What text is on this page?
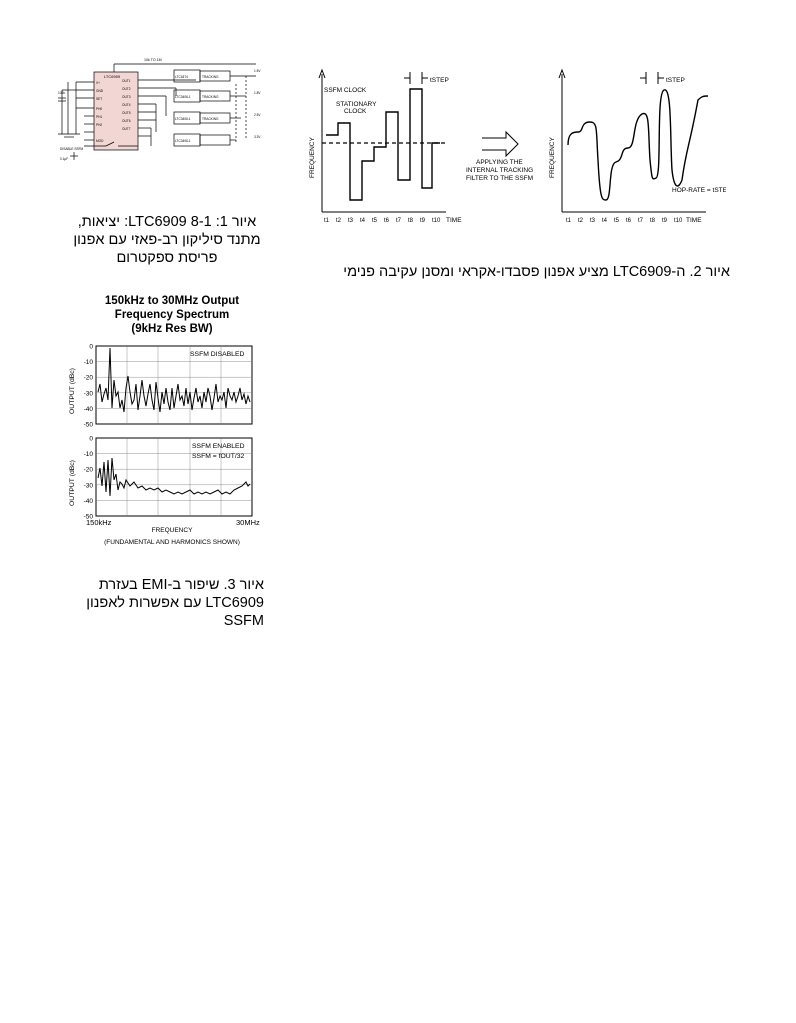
10k TO 1M
LTC6909
V+
GND
SET
PH0
PH1
PH2
MOD
OUT1
OUT2
OUT3
OUT4
OUT5
OUT6
OUT7
LTC1874
LTC3406-1
LTC3406-1
LTC3406-1
TRACKING
TRACKING
TRACKING
1.5V
1.8V
2.5V
3.3V
DISABLE SSFM
0.1µF
100k
איור 1: 8-1 LTC6909: יציאות, מתנד סיליקון רב-פאזי עם אפנון פריסת ספקטרום
FREQUENCY	FREQUENCY
SSFM CLOCK
STATIONARY
CLOCK
tSTEP	tSTEP
HOP-RATE = tSTEP
APPLYING THE
INTERNAL TRACKING
FILTER TO THE SSFM
TIME	TIME
t1 t2 t3 t4 t5 t6 t7 t8 t9 t10	t1 t2 t3 t4 t5 t6 t7 t8 t9 t10
איור 2. ה-LTC6909 מציע אפנון פסבדו-אקראי ומסנן עקיבה פנימי
150kHz to 30MHz Output
Frequency Spectrum
(9kHz Res BW)
SSFM DISABLED
SSFM ENABLED
SSFM = fOUT/32
OUTPUT (dBc)
OUTPUT (dBc)
0
-10
-20
-30
-40
-50
0
-10
-20
-30
-40
-50
150kHz	30MHz
FREQUENCY
(FUNDAMENTAL AND HARMONICS SHOWN)
איור 3. שיפור ב-EMI בעזרת LTC6909 עם אפשרות לאפנון SSFM
